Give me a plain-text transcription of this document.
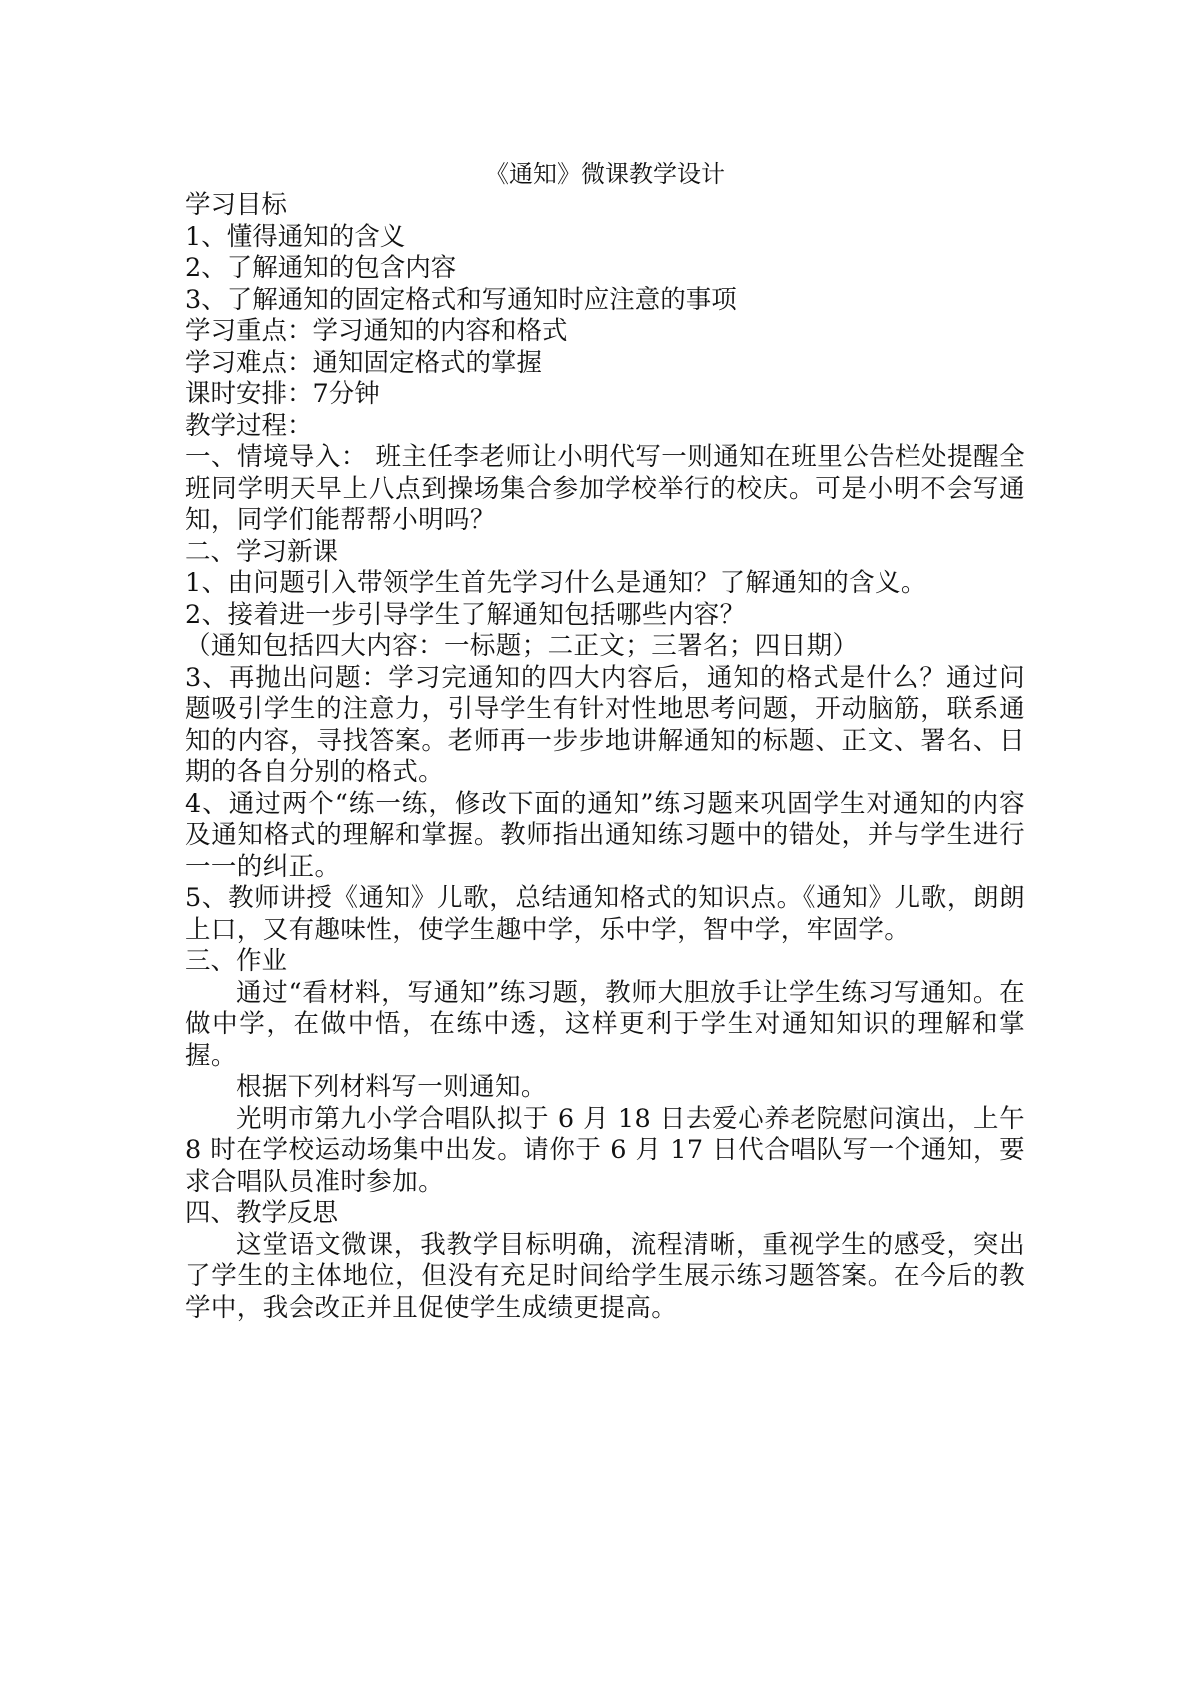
《通知》微课教学设计

学习目标

1、懂得通知的含义

2、了解通知的包含内容

3、了解通知的固定格式和写通知时应注意的事项

学习重点：学习通知的内容和格式

学习难点：通知固定格式的掌握

课时安排：7分钟

教学过程：

一、情境导入： 班主任李老师让小明代写一则通知在班里公告栏处提醒全班同学明天早上八点到操场集合参加学校举行的校庆。可是小明不会写通知，同学们能帮帮小明吗？

二、学习新课

1、由问题引入带领学生首先学习什么是通知？了解通知的含义。

2、接着进一步引导学生了解通知包括哪些内容？

（通知包括四大内容：一标题；二正文；三署名；四日期）

3、再抛出问题：学习完通知的四大内容后，通知的格式是什么？通过问题吸引学生的注意力，引导学生有针对性地思考问题，开动脑筋，联系通知的内容，寻找答案。老师再一步步地讲解通知的标题、正文、署名、日期的各自分别的格式。

4、通过两个“练一练，修改下面的通知”练习题来巩固学生对通知的内容及通知格式的理解和掌握。教师指出通知练习题中的错处，并与学生进行一一的纠正。

5、教师讲授《通知》儿歌，总结通知格式的知识点。《通知》儿歌，朗朗上口，又有趣味性，使学生趣中学，乐中学，智中学，牢固学。

三、作业

通过“看材料，写通知”练习题，教师大胆放手让学生练习写通知。在做中学，在做中悟，在练中透，这样更利于学生对通知知识的理解和掌握。

根据下列材料写一则通知。

光明市第九小学合唱队拟于 6 月 18 日去爱心养老院慰问演出，上午 8 时在学校运动场集中出发。请你于 6 月 17 日代合唱队写一个通知，要求合唱队员准时参加。

四、教学反思

这堂语文微课，我教学目标明确，流程清晰，重视学生的感受，突出了学生的主体地位，但没有充足时间给学生展示练习题答案。在今后的教学中，我会改正并且促使学生成绩更提高。
